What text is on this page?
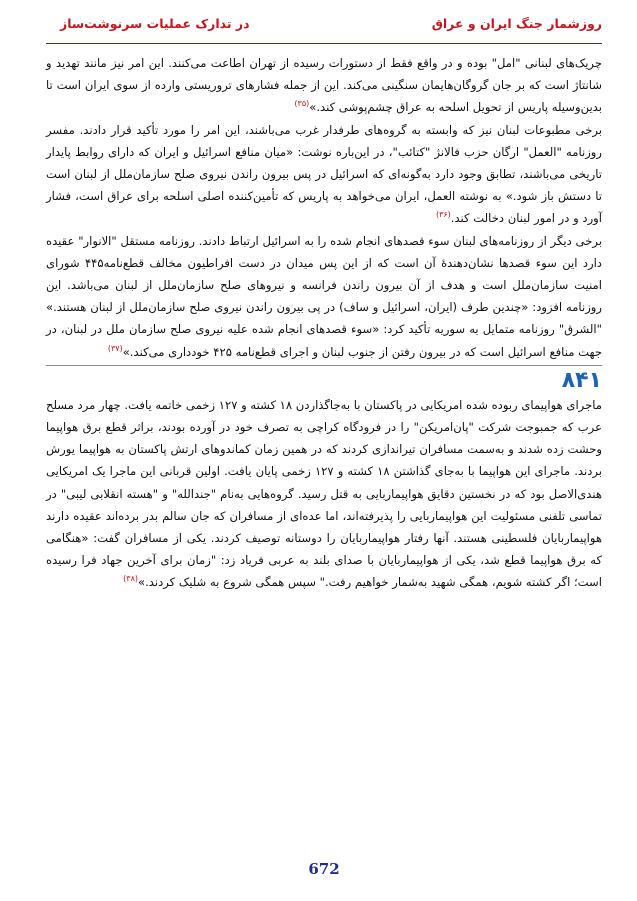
روزشمار جنگ ایران و عراق
در تدارک عملیات سرنوشت‌ساز

چریک‌های لبنانی "امل" بوده و در واقع فقط از دستورات رسیده از تهران اطاعت می‌کنند. این امر نیز مانند تهدید و شانتاژ است که بر جان گروگان‌هایمان سنگینی می‌کند. این از جمله فشارهای تروریستی وارده از سوی ایران است تا بدین‌وسیله پاریس از تحویل اسلحه به عراق چشم‌پوشی کند.»$^{(۳۵)}$

برخی مطبوعات لبنان نیز که وابسته به گروه‌های طرفدار غرب می‌باشند، این امر را مورد تأکید قرار دادند. مفسر روزنامه "العمل" ارگان حزب فالانژ "کتائب"، در این‌باره نوشت: «میان منافع اسرائیل و ایران که دارای روابط پایدار تاریخی می‌باشند، تطابق وجود دارد به‌گونه‌ای که اسرائیل در پس بیرون راندن نیروی صلح سازمان‌ملل از لبنان است تا دستش باز شود.» به نوشته العمل، ایران می‌خواهد به پاریس که تأمین‌کننده اصلی اسلحه برای عراق است، فشار آورد و در امور لبنان دخالت کند.$^{(۳۶)}$

برخی دیگر از روزنامه‌های لبنان سوء قصدهای انجام شده را به اسرائیل ارتباط دادند. روزنامه مستقل "الانوار" عقیده دارد این سوء قصدها نشان‌دهندهٔ آن است که از این پس میدان در دست افراطیون مخالف قطع‌نامه۴۴۵ شورای امنیت سازمان‌ملل است و هدف از آن بیرون راندن فرانسه و نیروهای صلح سازمان‌ملل از لبنان می‌باشد. این روزنامه افزود: «چندین طرف (ایران، اسرائیل و ساف) در پی بیرون راندن نیروی صلح سازمان‌ملل از لبنان هستند.» "الشرق" روزنامه متمایل به سوریه تأکید کرد: «سوء قصدهای انجام شده علیه نیروی صلح سازمان ملل در لبنان، در جهت منافع اسرائیل است که در بیرون رفتن از جنوب لبنان و اجرای قطع‌نامه ۴۲۵ خودداری می‌کند.»$^{(۳۷)}$

۸۴۱

ماجرای هواپیمای ربوده شده امریکایی در پاکستان با به‌جاگذاردن ۱۸ کشته و ۱۲۷ زخمی خاتمه یافت. چهار مرد مسلح عرب که جمبوجت شرکت "پان‌امریکن" را در فرودگاه کراچی به تصرف خود در آورده بودند، براثر قطع برق هواپیما وحشت زده شدند و به‌سمت مسافران تیراندازی کردند که در همین زمان کماندوهای ارتش پاکستان به هواپیما یورش بردند. ماجرای این هواپیما با به‌جای گذاشتن ۱۸ کشته و ۱۲۷ زخمی پایان یافت. اولین قربانی این ماجرا یک امریکایی هندی‌الاصل بود که در نخستین دقایق هواپیماربایی به قتل رسید. گروه‌هایی به‌نام "جندالله" و "هسته انقلابی لیبی" در تماسی تلفنی مسئولیت این هواپیماربایی را پذیرفته‌اند، اما عده‌ای از مسافران که جان سالم بدر برده‌اند عقیده دارند هواپیماربایان فلسطینی هستند. آنها رفتار هواپیماربایان را دوستانه توصیف کردند. یکی از مسافران گفت: «هنگامی که برق هواپیما قطع شد، یکی از هواپیماربایان با صدای بلند به عربی فریاد زد: "زمان برای آخرین جهاد فرا رسیده است؛ اگر کشته شویم، همگی شهید به‌شمار خواهیم رفت." سپس همگی شروع به شلیک کردند.»$^{(۳۸)}$

672
